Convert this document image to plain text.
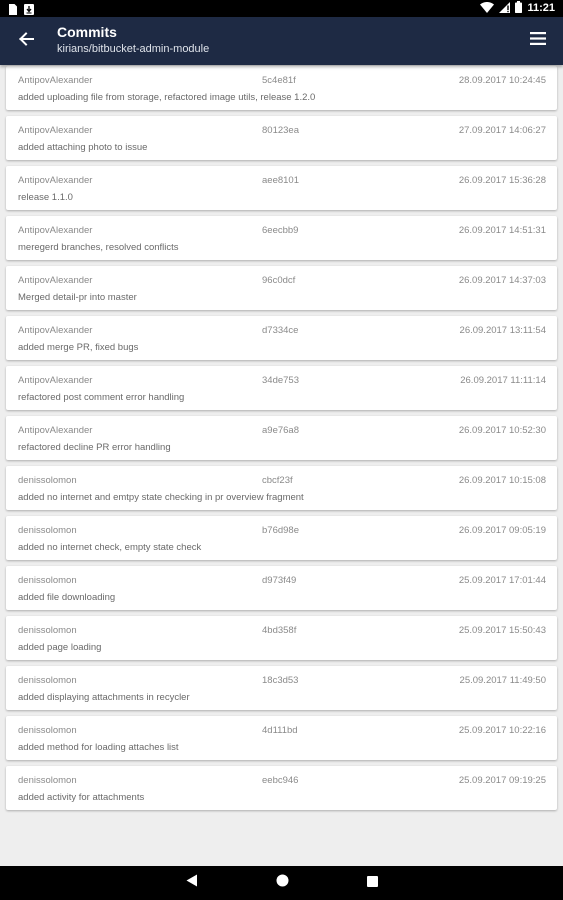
11:21
Commits
kirians/bitbucket-admin-module
AntipovAlexander	5c4e81f	28.09.2017 10:24:45
added uploading file from storage, refactored image utils, release 1.2.0
AntipovAlexander	80123ea	27.09.2017 14:06:27
added attaching photo to issue
AntipovAlexander	aee8101	26.09.2017 15:36:28
release 1.1.0
AntipovAlexander	6eecbb9	26.09.2017 14:51:31
meregerd branches, resolved conflicts
AntipovAlexander	96c0dcf	26.09.2017 14:37:03
Merged detail-pr into master
AntipovAlexander	d7334ce	26.09.2017 13:11:54
added merge PR, fixed bugs
AntipovAlexander	34de753	26.09.2017 11:11:14
refactored post comment error handling
AntipovAlexander	a9e76a8	26.09.2017 10:52:30
refactored decline PR error handling
denissolomon	cbcf23f	26.09.2017 10:15:08
added no internet and emtpy state checking in pr overview fragment
denissolomon	b76d98e	26.09.2017 09:05:19
added no internet check, empty state check
denissolomon	d973f49	25.09.2017 17:01:44
added file downloading
denissolomon	4bd358f	25.09.2017 15:50:43
added page loading
denissolomon	18c3d53	25.09.2017 11:49:50
added displaying attachments in recycler
denissolomon	4d111bd	25.09.2017 10:22:16
added method for loading attaches list
denissolomon	eebc946	25.09.2017 09:19:25
added activity for attachments
